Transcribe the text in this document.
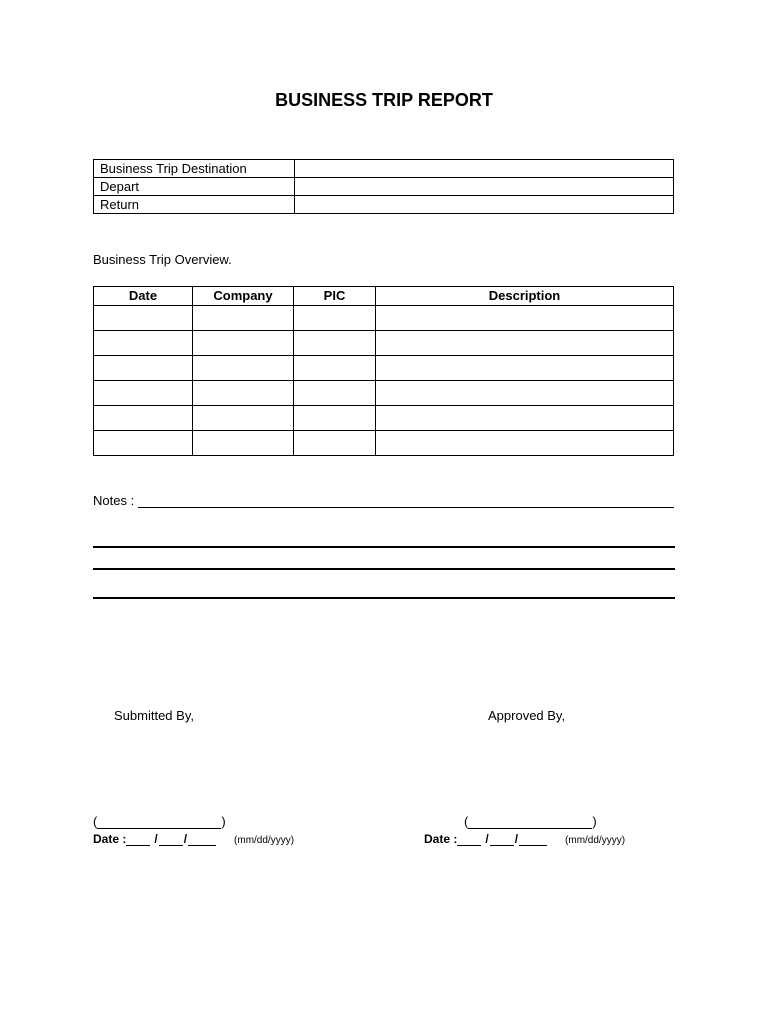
BUSINESS TRIP REPORT
Business Trip Destination	
Depart	
Return	
Business Trip Overview.
Date	Company	PIC	Description

Notes :
Submitted By,	Approved By,
(	)	(	)
Date : / /	(mm/dd/yyyy)	Date : / /	(mm/dd/yyyy)
